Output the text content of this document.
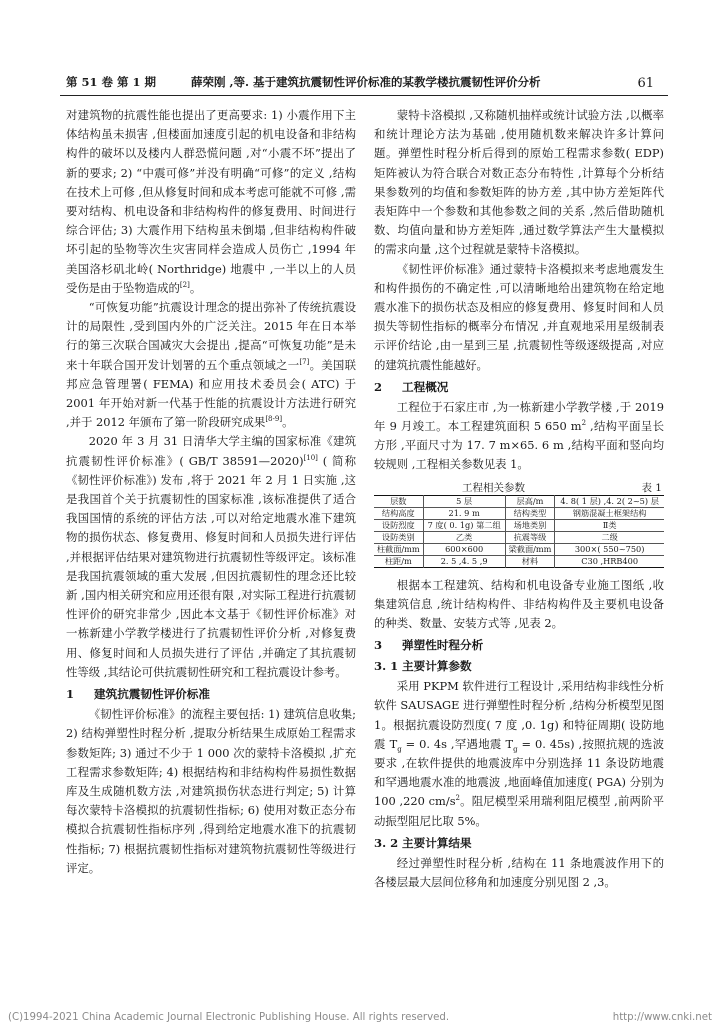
第 51 卷 第 1 期	薛荣刚 ,等. 基于建筑抗震韧性评价标准的某教学楼抗震韧性评价分析	61

对建筑物的抗震性能也提出了更高要求: 1) 小震作用下主体结构虽未损害 ,但楼面加速度引起的机电设备和非结构构件的破坏以及楼内人群恐慌问题 ,对“小震不坏”提出了新的要求; 2) “中震可修”并没有明确“可修”的定义 ,结构在技术上可修 ,但从修复时间和成本考虑可能就不可修 ,需要对结构、机电设备和非结构构件的修复费用、时间进行综合评估; 3) 大震作用下结构虽未倒塌 ,但非结构构件破坏引起的坠物等次生灾害同样会造成人员伤亡 ,1994 年美国洛杉矶北岭( Northridge) 地震中 ,一半以上的人员受伤是由于坠物造成的[2]。

“可恢复功能”抗震设计理念的提出弥补了传统抗震设计的局限性 ,受到国内外的广泛关注。2015 年在日本举行的第三次联合国减灾大会提出 ,提高“可恢复功能”是未来十年联合国开发计划署的五个重点领域之一[7]。美国联邦应急管理署( FEMA) 和应用技术委员会( ATC) 于 2001 年开始对新一代基于性能的抗震设计方法进行研究 ,并于 2012 年颁布了第一阶段研究成果[8-9]。

2020 年 3 月 31 日清华大学主编的国家标准《建筑抗震韧性评价标准》( GB/T 38591—2020)[10] ( 简称《韧性评价标准》) 发布 ,将于 2021 年 2 月 1 日实施 ,这是我国首个关于抗震韧性的国家标准 ,该标准提供了适合我国国情的系统的评估方法 ,可以对给定地震水准下建筑物的损伤状态、修复费用、修复时间和人员损失进行评估 ,并根据评估结果对建筑物进行抗震韧性等级评定。该标准是我国抗震领域的重大发展 ,但因抗震韧性的理念还比较新 ,国内相关研究和应用还很有限 ,对实际工程进行抗震韧性评价的研究非常少 ,因此本文基于《韧性评价标准》对一栋新建小学教学楼进行了抗震韧性评价分析 ,对修复费用、修复时间和人员损失进行了评估 ,并确定了其抗震韧性等级 ,其结论可供抗震韧性研究和工程抗震设计参考。

1 建筑抗震韧性评价标准

《韧性评价标准》的流程主要包括: 1) 建筑信息收集; 2) 结构弹塑性时程分析 ,提取分析结果生成原始工程需求参数矩阵; 3) 通过不少于 1 000 次的蒙特卡洛模拟 ,扩充工程需求参数矩阵; 4) 根据结构和非结构构件易损性数据库及生成随机数方法 ,对建筑损伤状态进行判定; 5) 计算每次蒙特卡洛模拟的抗震韧性指标; 6) 使用对数正态分布模拟合抗震韧性指标序列 ,得到给定地震水准下的抗震韧性指标; 7) 根据抗震韧性指标对建筑物抗震韧性等级进行评定。

蒙特卡洛模拟 ,又称随机抽样或统计试验方法 ,以概率和统计理论方法为基础 ,使用随机数来解决许多计算问题。弹塑性时程分析后得到的原始工程需求参数( EDP) 矩阵被认为符合联合对数正态分布特性 ,计算每个分析结果参数列的均值和参数矩阵的协方差 ,其中协方差矩阵代表矩阵中一个参数和其他参数之间的关系 ,然后借助随机数、均值向量和协方差矩阵 ,通过数学算法产生大量模拟的需求向量 ,这个过程就是蒙特卡洛模拟。

《韧性评价标准》通过蒙特卡洛模拟来考虑地震发生和构件损伤的不确定性 ,可以清晰地给出建筑物在给定地震水准下的损伤状态及相应的修复费用、修复时间和人员损失等韧性指标的概率分布情况 ,并直观地采用星级制表示评价结论 ,由一星到三星 ,抗震韧性等级逐级提高 ,对应的建筑抗震性能越好。

2 工程概况

工程位于石家庄市 ,为一栋新建小学教学楼 ,于 2019 年 9 月竣工。本工程建筑面积 5 650 $m^2$ ,结构平面呈长方形 ,平面尺寸为 17. 7 m×65. 6 m ,结构平面和竖向均较规则 ,工程相关参数见表 1。

工程相关参数	表 1
层数	5 层	层高/m	4. 8( 1 层) ,4. 2( 2~5) 层
结构高度	21. 9 m	结构类型	钢筋混凝土框架结构
设防烈度	7 度( 0. 1g) 第二组	场地类别	Ⅱ类
设防类别	乙类	抗震等级	二级
柱截面/mm	600×600	梁截面/mm	300×( 550~750)
柱距/m	2. 5 ,4. 5 ,9	材料	C30 ,HRB400

根据本工程建筑、结构和机电设备专业施工图纸 ,收集建筑信息 ,统计结构构件、非结构构件及主要机电设备的种类、数量、安装方式等 ,见表 2。

3 弹塑性时程分析
3. 1 主要计算参数

采用 PKPM 软件进行工程设计 ,采用结构非线性分析软件 SAUSAGE 进行弹塑性时程分析 ,结构分析模型见图 1。根据抗震设防烈度( 7 度 ,0. 1g) 和特征周期( 设防地震 $T_g = 0$. 4s ,罕遇地震 $T_g = 0$. 45s) ,按照抗规的选波要求 ,在软件提供的地震波库中分别选择 11 条设防地震和罕遇地震水准的地震波 ,地面峰值加速度( PGA) 分别为 100 ,220 $cm/s^2$。阻尼模型采用瑞利阻尼模型 ,前两阶平动振型阻尼比取 5%。

3. 2 主要计算结果

经过弹塑性时程分析 ,结构在 11 条地震波作用下的各楼层最大层间位移角和加速度分别见图 2 ,3。

(C)1994-2021 China Academic Journal Electronic Publishing House. All rights reserved.	http://www.cnki.net
